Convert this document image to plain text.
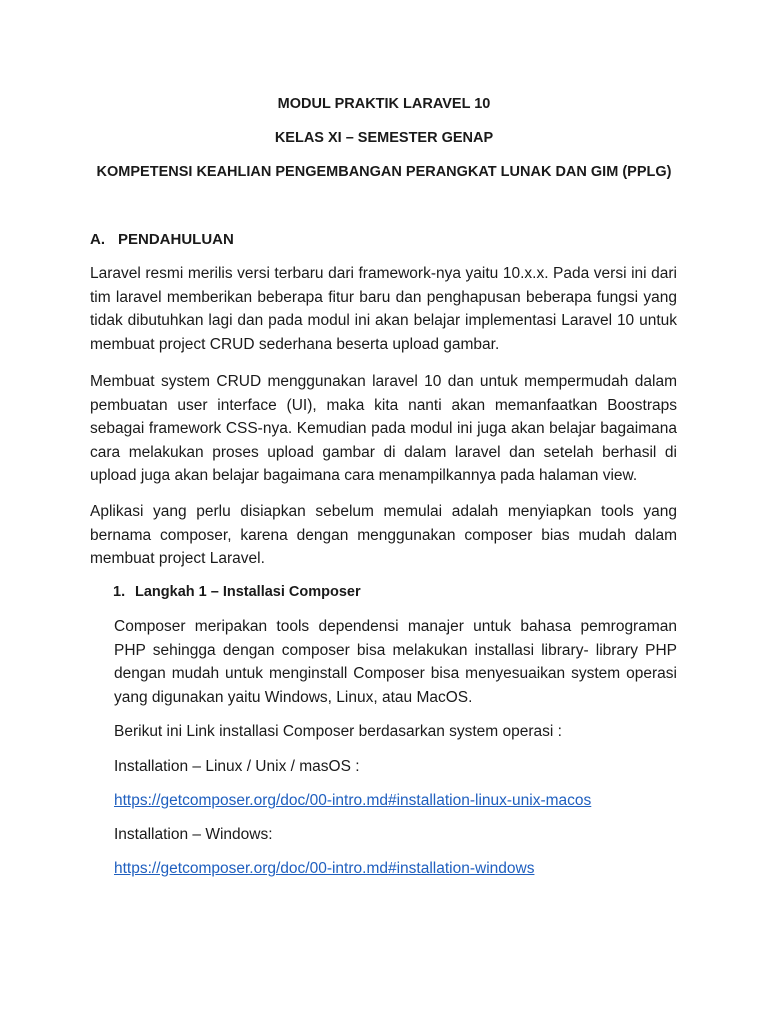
MODUL PRAKTIK LARAVEL 10
KELAS XI – SEMESTER GENAP
KOMPETENSI KEAHLIAN PENGEMBANGAN PERANGKAT LUNAK DAN GIM (PPLG)
A. PENDAHULUAN

Laravel resmi merilis versi terbaru dari framework-nya yaitu 10.x.x. Pada versi ini dari tim laravel memberikan beberapa fitur baru dan penghapusan beberapa fungsi yang tidak dibutuhkan lagi dan pada modul ini akan belajar implementasi Laravel 10 untuk membuat project CRUD sederhana beserta upload gambar.

Membuat system CRUD menggunakan laravel 10 dan untuk mempermudah dalam pembuatan user interface (UI), maka kita nanti akan memanfaatkan Boostraps sebagai framework CSS-nya. Kemudian pada modul ini juga akan belajar bagaimana cara melakukan proses upload gambar di dalam laravel dan setelah berhasil di upload juga akan belajar bagaimana cara menampilkannya pada halaman view.

Aplikasi yang perlu disiapkan sebelum memulai adalah menyiapkan tools yang bernama composer, karena dengan menggunakan composer bias mudah dalam membuat project Laravel.

1. Langkah 1 – Installasi Composer

Composer meripakan tools dependensi manajer untuk bahasa pemrograman PHP sehingga dengan composer bisa melakukan installasi library- library PHP dengan mudah untuk menginstall Composer bisa menyesuaikan system operasi yang digunakan yaitu Windows, Linux, atau MacOS.

Berikut ini Link installasi Composer berdasarkan system operasi :

Installation – Linux / Unix / masOS :

https://getcomposer.org/doc/00-intro.md#installation-linux-unix-macos

Installation – Windows:

https://getcomposer.org/doc/00-intro.md#installation-windows
